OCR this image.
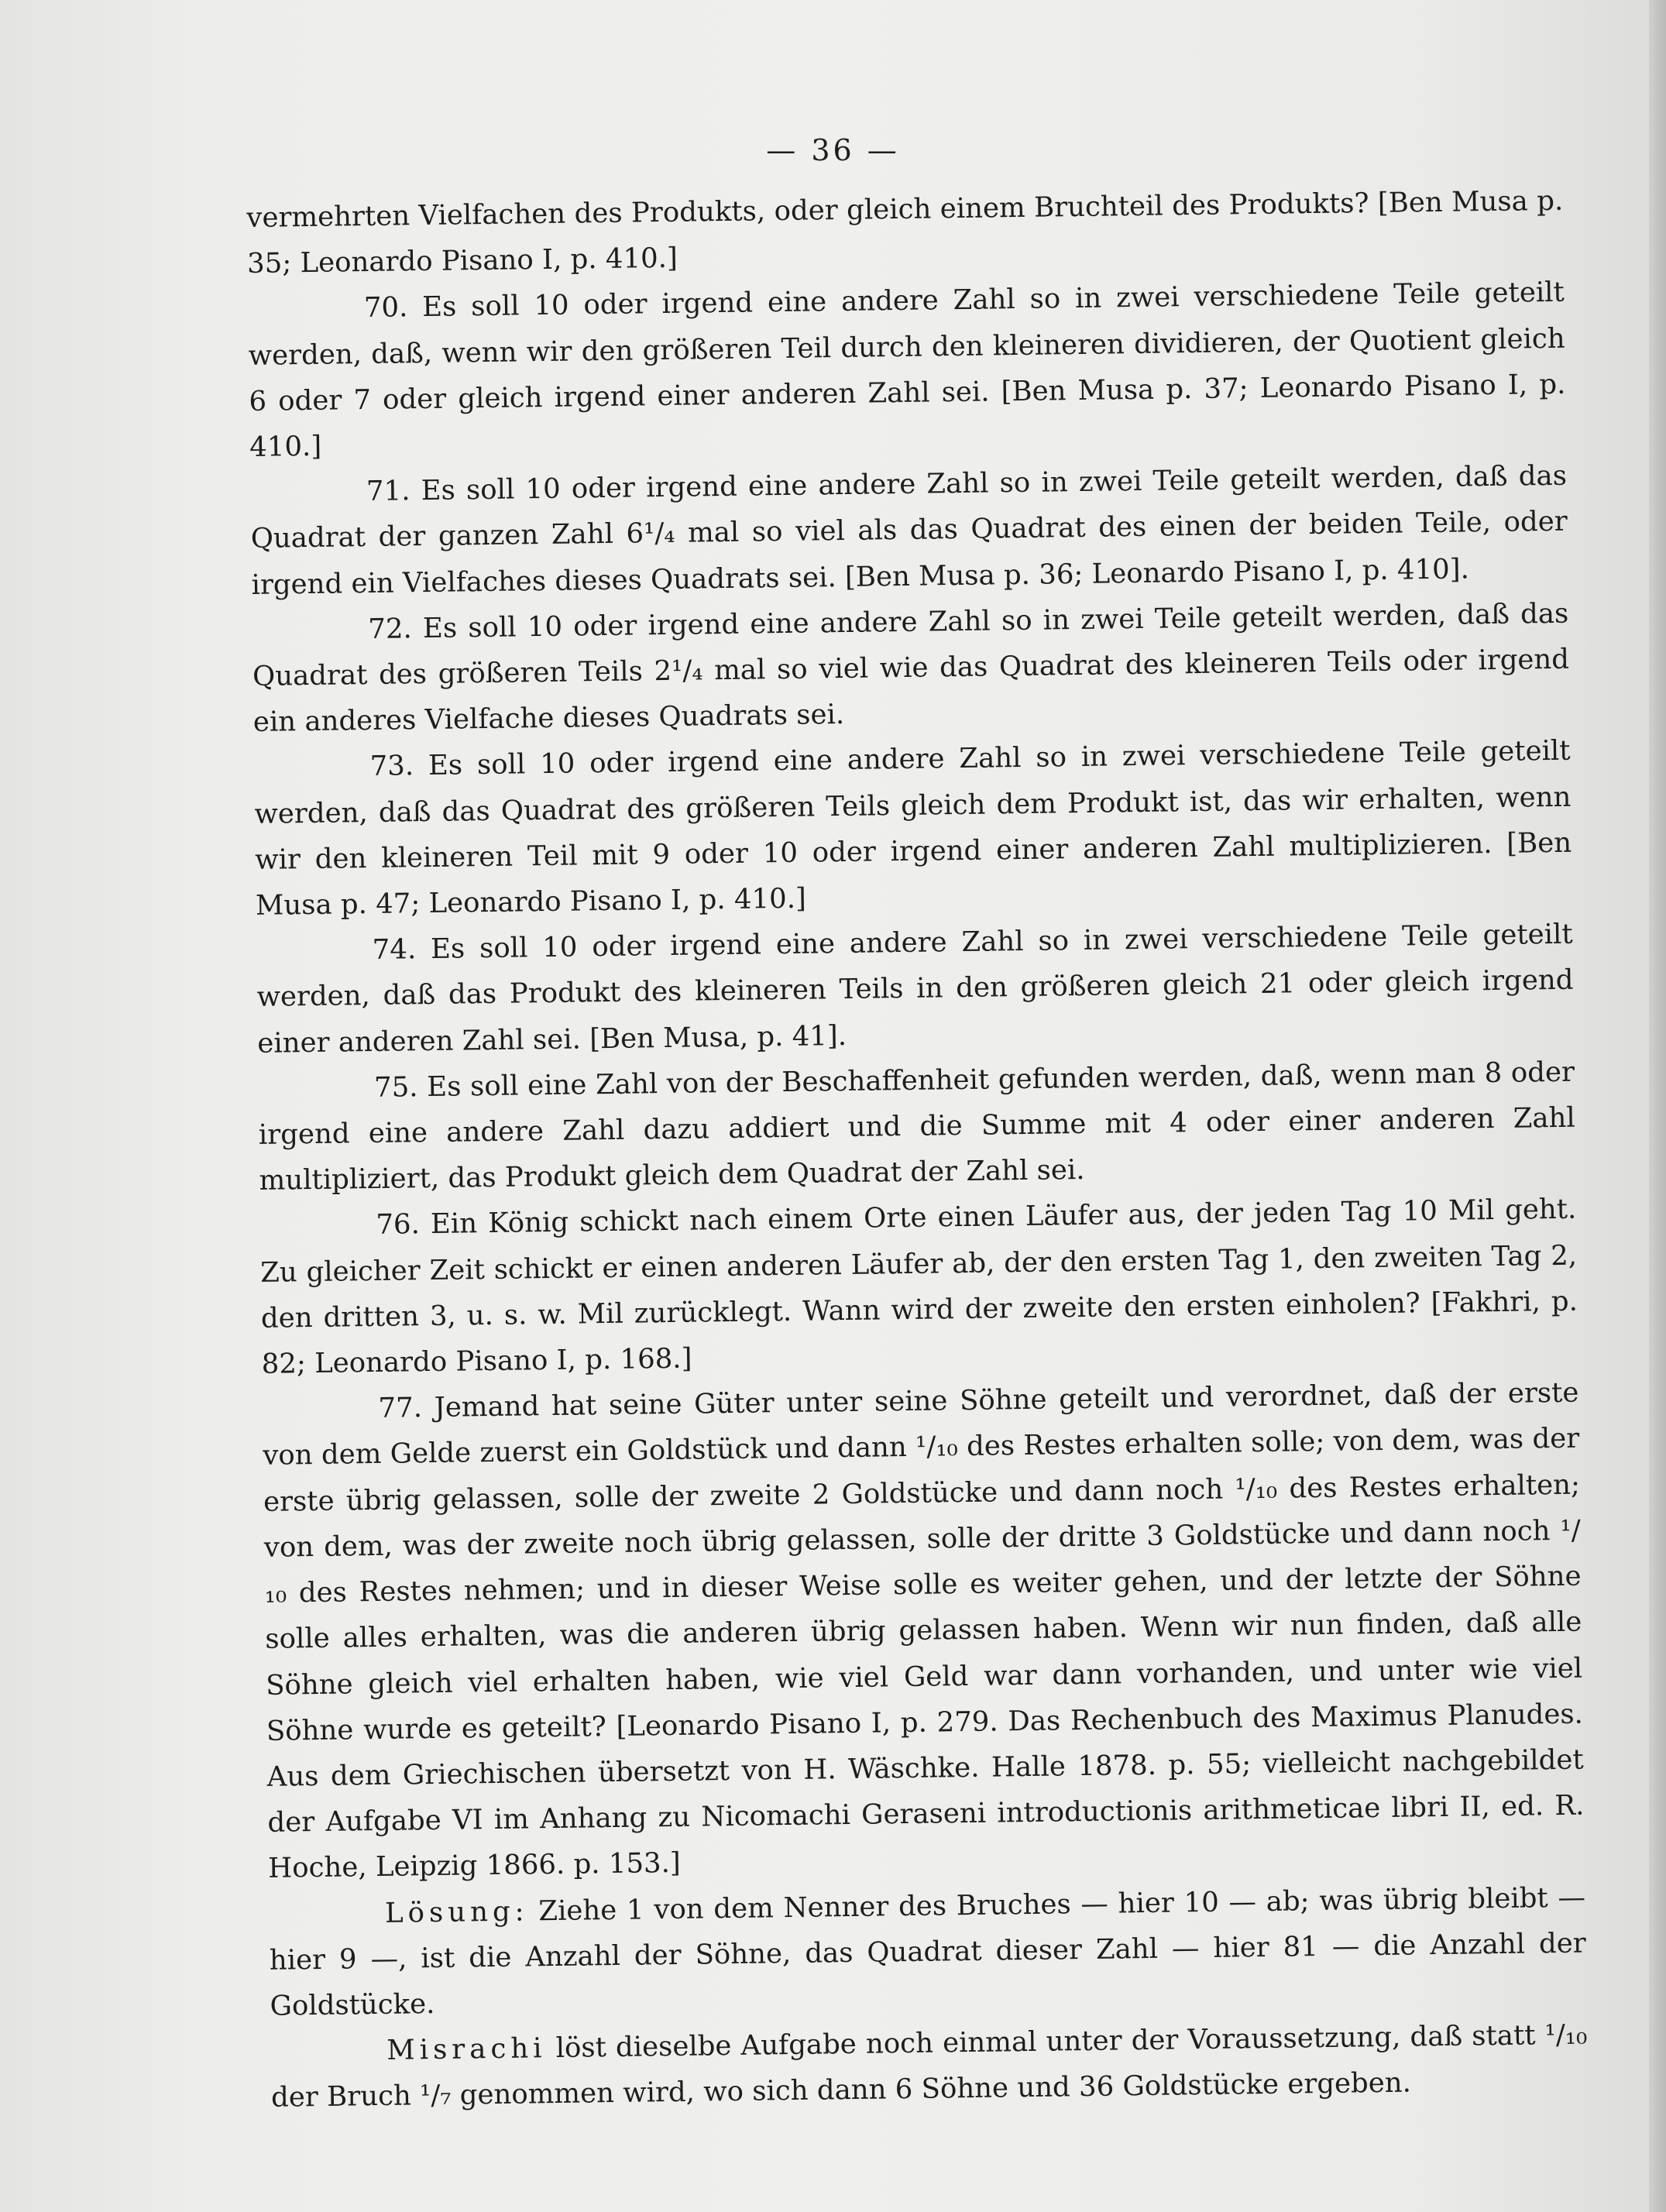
— 36 —

vermehrten Vielfachen des Produkts, oder gleich einem Bruchteil des Produkts? [Ben Musa p. 35; Leonardo Pisano I, p. 410.]

70. Es soll 10 oder irgend eine andere Zahl so in zwei verschiedene Teile geteilt werden, daß, wenn wir den größeren Teil durch den kleineren dividieren, der Quotient gleich 6 oder 7 oder gleich irgend einer anderen Zahl sei. [Ben Musa p. 37; Leonardo Pisano I, p. 410.]

71. Es soll 10 oder irgend eine andere Zahl so in zwei Teile geteilt werden, daß das Quadrat der ganzen Zahl 6¹/₄ mal so viel als das Quadrat des einen der beiden Teile, oder irgend ein Vielfaches dieses Quadrats sei. [Ben Musa p. 36; Leonardo Pisano I, p. 410].

72. Es soll 10 oder irgend eine andere Zahl so in zwei Teile geteilt werden, daß das Quadrat des größeren Teils 2¹/₄ mal so viel wie das Quadrat des kleineren Teils oder irgend ein anderes Vielfache dieses Quadrats sei.

73. Es soll 10 oder irgend eine andere Zahl so in zwei verschiedene Teile geteilt werden, daß das Quadrat des größeren Teils gleich dem Produkt ist, das wir erhalten, wenn wir den kleineren Teil mit 9 oder 10 oder irgend einer anderen Zahl multiplizieren. [Ben Musa p. 47; Leonardo Pisano I, p. 410.]

74. Es soll 10 oder irgend eine andere Zahl so in zwei verschiedene Teile geteilt werden, daß das Produkt des kleineren Teils in den größeren gleich 21 oder gleich irgend einer anderen Zahl sei. [Ben Musa, p. 41].

75. Es soll eine Zahl von der Beschaffenheit gefunden werden, daß, wenn man 8 oder irgend eine andere Zahl dazu addiert und die Summe mit 4 oder einer anderen Zahl multipliziert, das Produkt gleich dem Quadrat der Zahl sei.

76. Ein König schickt nach einem Orte einen Läufer aus, der jeden Tag 10 Mil geht. Zu gleicher Zeit schickt er einen anderen Läufer ab, der den ersten Tag 1, den zweiten Tag 2, den dritten 3, u. s. w. Mil zurücklegt. Wann wird der zweite den ersten einholen? [Fakhri, p. 82; Leonardo Pisano I, p. 168.]

77. Jemand hat seine Güter unter seine Söhne geteilt und verordnet, daß der erste von dem Gelde zuerst ein Goldstück und dann ¹/₁₀ des Restes erhalten solle; von dem, was der erste übrig gelassen, solle der zweite 2 Goldstücke und dann noch ¹/₁₀ des Restes erhalten; von dem, was der zweite noch übrig gelassen, solle der dritte 3 Goldstücke und dann noch ¹/₁₀ des Restes nehmen; und in dieser Weise solle es weiter gehen, und der letzte der Söhne solle alles erhalten, was die anderen übrig gelassen haben. Wenn wir nun finden, daß alle Söhne gleich viel erhalten haben, wie viel Geld war dann vorhanden, und unter wie viel Söhne wurde es geteilt? [Leonardo Pisano I, p. 279. Das Rechenbuch des Maximus Planudes. Aus dem Griechischen übersetzt von H. Wäschke. Halle 1878. p. 55; vielleicht nachgebildet der Aufgabe VI im Anhang zu Nicomachi Geraseni introductionis arithmeticae libri II, ed. R. Hoche, Leipzig 1866. p. 153.]

Lösung: Ziehe 1 von dem Nenner des Bruches — hier 10 — ab; was übrig bleibt — hier 9 —, ist die Anzahl der Söhne, das Quadrat dieser Zahl — hier 81 — die Anzahl der Goldstücke.

Misrachi löst dieselbe Aufgabe noch einmal unter der Voraussetzung, daß statt ¹/₁₀ der Bruch ¹/₇ genommen wird, wo sich dann 6 Söhne und 36 Goldstücke ergeben.
